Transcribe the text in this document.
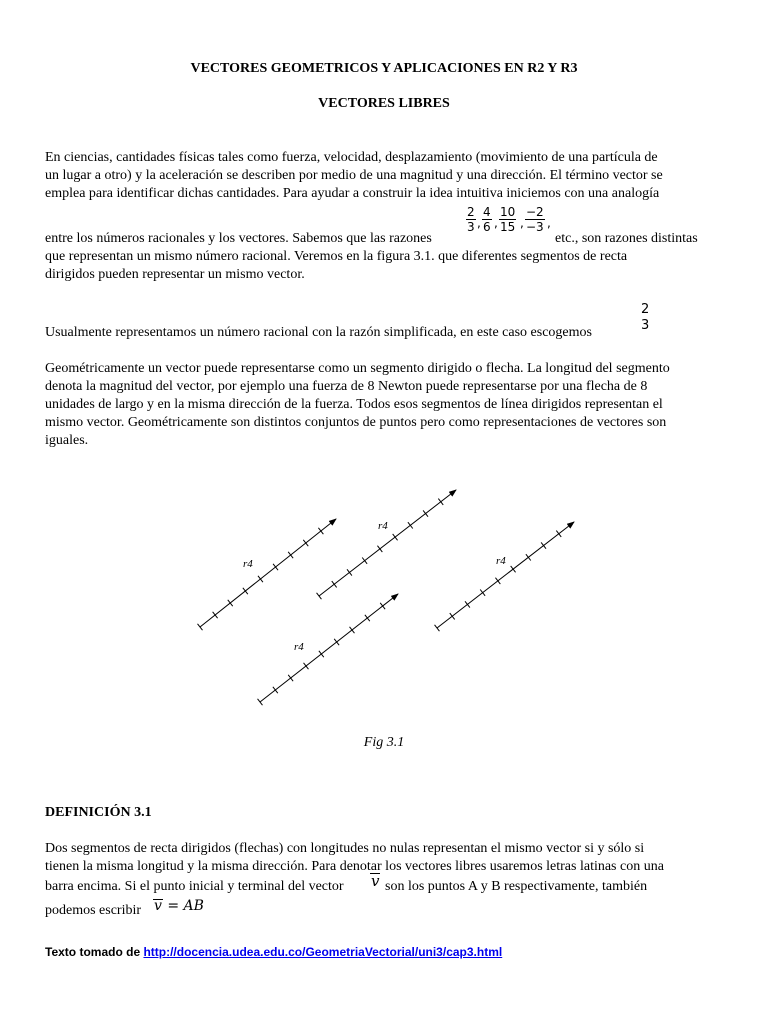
VECTORES GEOMETRICOS Y APLICACIONES EN R2 Y R3
VECTORES LIBRES
En ciencias, cantidades físicas tales como fuerza, velocidad, desplazamiento (movimiento de una partícula de
un lugar a otro) y la aceleración se describen por medio de una magnitud y una dirección. El término vector se
emplea para identificar dichas cantidades. Para ayudar a construir la idea intuitiva iniciemos con una analogía
$\frac{2}{3}$ , $\frac{4}{6}$ , $\frac{10}{15}$ , $\frac{-2}{-3}$ ,
entre los números racionales y los vectores. Sabemos que las razones	etc., son razones distintas
que representan un mismo número racional. Veremos en la figura 3.1. que diferentes segmentos de recta
dirigidos pueden representar un mismo vector.
Usualmente representamos un número racional con la razón simplificada, en este caso escogemos
2
3
Geométricamente un vector puede representarse como un segmento dirigido o flecha. La longitud del segmento
denota la magnitud del vector, por ejemplo una fuerza de 8 Newton puede representarse por una flecha de 8
unidades de largo y en la misma dirección de la fuerza. Todos esos segmentos de línea dirigidos representan el
mismo vector. Geométricamente son distintos conjuntos de puntos pero como representaciones de vectores son
iguales.
r4
r4
r4
r4
Fig 3.1
DEFINICIÓN 3.1
Dos segmentos de recta dirigidos (flechas) con longitudes no nulas representan el mismo vector si y sólo si
tienen la misma longitud y la misma dirección. Para denotar los vectores libres usaremos letras latinas con una
barra encima. Si el punto inicial y terminal del vector v son los puntos A y B respectivamente, también
podemos escribir v = AB
Texto tomado de http://docencia.udea.edu.co/GeometriaVectorial/uni3/cap3.html
